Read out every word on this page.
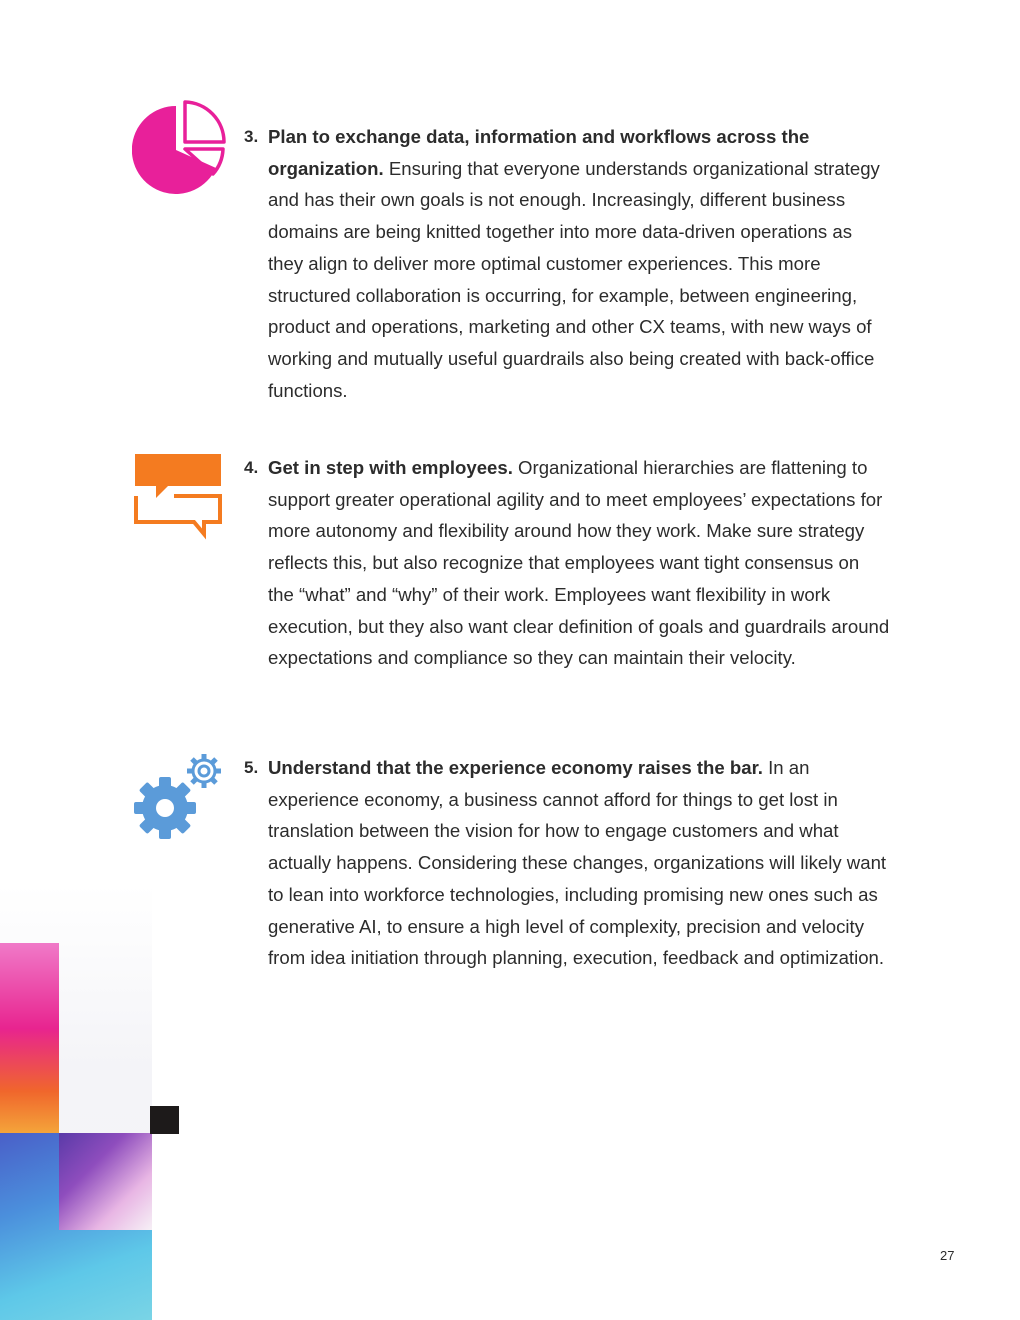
3. Plan to exchange data, information and workflows across the organization. Ensuring that everyone understands organizational strategy and has their own goals is not enough. Increasingly, different business domains are being knitted together into more data-driven operations as they align to deliver more optimal customer experiences. This more structured collaboration is occurring, for example, between engineering, product and operations, marketing and other CX teams, with new ways of working and mutually useful guardrails also being created with back-office functions.

4. Get in step with employees. Organizational hierarchies are flattening to support greater operational agility and to meet employees’ expectations for more autonomy and flexibility around how they work. Make sure strategy reflects this, but also recognize that employees want tight consensus on the “what” and “why” of their work. Employees want flexibility in work execution, but they also want clear definition of goals and guardrails around expectations and compliance so they can maintain their velocity.

5. Understand that the experience economy raises the bar. In an experience economy, a business cannot afford for things to get lost in translation between the vision for how to engage customers and what actually happens. Considering these changes, organizations will likely want to lean into workforce technologies, including promising new ones such as generative AI, to ensure a high level of complexity, precision and velocity from idea initiation through planning, execution, feedback and optimization.

27
